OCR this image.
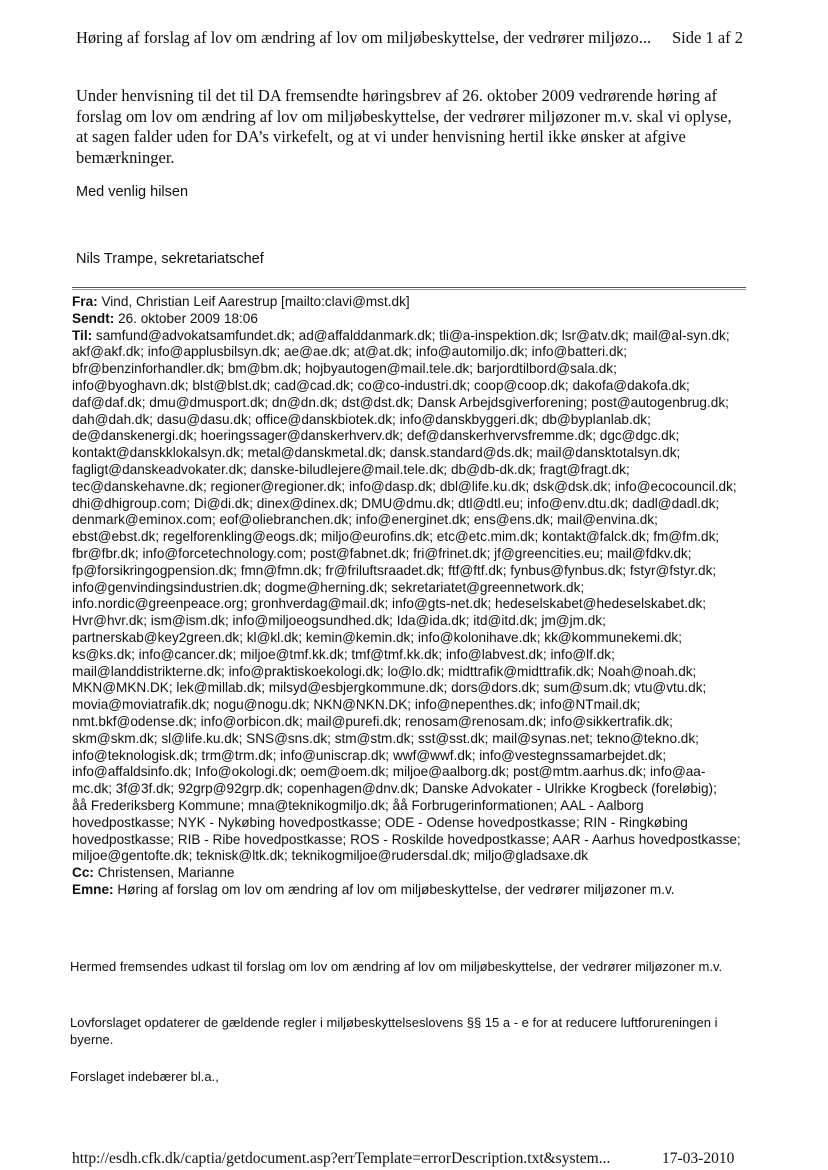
Høring af forslag af lov om ændring af lov om miljøbeskyttelse, der vedrører miljøzo... Side 1 af 2
Under henvisning til det til DA fremsendte høringsbrev af 26. oktober 2009 vedrørende høring af
forslag om lov om ændring af lov om miljøbeskyttelse, der vedrører miljøzoner m.v. skal vi oplyse,
at sagen falder uden for DA’s virkefelt, og at vi under henvisning hertil ikke ønsker at afgive
bemærkninger.
Med venlig hilsen
Nils Trampe, sekretariatschef
Fra: Vind, Christian Leif Aarestrup [mailto:clavi@mst.dk]
Sendt: 26. oktober 2009 18:06
Til: samfund@advokatsamfundet.dk; ad@affalddanmark.dk; tli@a-inspektion.dk; lsr@atv.dk; mail@al-syn.dk;
akf@akf.dk; info@applusbilsyn.dk; ae@ae.dk; at@at.dk; info@automiljo.dk; info@batteri.dk;
bfr@benzinforhandler.dk; bm@bm.dk; hojbyautogen@mail.tele.dk; barjordtilbord@sala.dk;
info@byoghavn.dk; blst@blst.dk; cad@cad.dk; co@co-industri.dk; coop@coop.dk; dakofa@dakofa.dk;
daf@daf.dk; dmu@dmusport.dk; dn@dn.dk; dst@dst.dk; Dansk Arbejdsgiverforening; post@autogenbrug.dk;
dah@dah.dk; dasu@dasu.dk; office@danskbiotek.dk; info@danskbyggeri.dk; db@byplanlab.dk;
de@danskenergi.dk; hoeringssager@danskerhverv.dk; def@danskerhvervsfremme.dk; dgc@dgc.dk;
kontakt@danskklokalsyn.dk; metal@danskmetal.dk; dansk.standard@ds.dk; mail@dansktotalsyn.dk;
fagligt@danskeadvokater.dk; danske-biludlejere@mail.tele.dk; db@db-dk.dk; fragt@fragt.dk;
tec@danskehavne.dk; regioner@regioner.dk; info@dasp.dk; dbl@life.ku.dk; dsk@dsk.dk; info@ecocouncil.dk;
dhi@dhigroup.com; Di@di.dk; dinex@dinex.dk; DMU@dmu.dk; dtl@dtl.eu; info@env.dtu.dk; dadl@dadl.dk;
denmark@eminox.com; eof@oliebranchen.dk; info@energinet.dk; ens@ens.dk; mail@envina.dk;
ebst@ebst.dk; regelforenkling@eogs.dk; miljo@eurofins.dk; etc@etc.mim.dk; kontakt@falck.dk; fm@fm.dk;
fbr@fbr.dk; info@forcetechnology.com; post@fabnet.dk; fri@frinet.dk; jf@greencities.eu; mail@fdkv.dk;
fp@forsikringogpension.dk; fmn@fmn.dk; fr@friluftsraadet.dk; ftf@ftf.dk; fynbus@fynbus.dk; fstyr@fstyr.dk;
info@genvindingsindustrien.dk; dogme@herning.dk; sekretariatet@greennetwork.dk;
info.nordic@greenpeace.org; gronhverdag@mail.dk; info@gts-net.dk; hedeselskabet@hedeselskabet.dk;
Hvr@hvr.dk; ism@ism.dk; info@miljoeogsundhed.dk; Ida@ida.dk; itd@itd.dk; jm@jm.dk;
partnerskab@key2green.dk; kl@kl.dk; kemin@kemin.dk; info@kolonihave.dk; kk@kommunekemi.dk;
ks@ks.dk; info@cancer.dk; miljoe@tmf.kk.dk; tmf@tmf.kk.dk; info@labvest.dk; info@lf.dk;
mail@landdistrikterne.dk; info@praktiskoekologi.dk; lo@lo.dk; midttrafik@midttrafik.dk; Noah@noah.dk;
MKN@MKN.DK; lek@millab.dk; milsyd@esbjergkommune.dk; dors@dors.dk; sum@sum.dk; vtu@vtu.dk;
movia@moviatrafik.dk; nogu@nogu.dk; NKN@NKN.DK; info@nepenthes.dk; info@NTmail.dk;
nmt.bkf@odense.dk; info@orbicon.dk; mail@purefi.dk; renosam@renosam.dk; info@sikkertrafik.dk;
skm@skm.dk; sl@life.ku.dk; SNS@sns.dk; stm@stm.dk; sst@sst.dk; mail@synas.net; tekno@tekno.dk;
info@teknologisk.dk; trm@trm.dk; info@uniscrap.dk; wwf@wwf.dk; info@vestegnssamarbejdet.dk;
info@affaldsinfo.dk; Info@okologi.dk; oem@oem.dk; miljoe@aalborg.dk; post@mtm.aarhus.dk; info@aa-
mc.dk; 3f@3f.dk; 92grp@92grp.dk; copenhagen@dnv.dk; Danske Advokater - Ulrikke Krogbeck (foreløbig);
åå Frederiksberg Kommune; mna@teknikogmiljo.dk; åå Forbrugerinformationen; AAL - Aalborg
hovedpostkasse; NYK - Nykøbing hovedpostkasse; ODE - Odense hovedpostkasse; RIN - Ringkøbing
hovedpostkasse; RIB - Ribe hovedpostkasse; ROS - Roskilde hovedpostkasse; AAR - Aarhus hovedpostkasse;
miljoe@gentofte.dk; teknisk@ltk.dk; teknikogmiljoe@rudersdal.dk; miljo@gladsaxe.dk
Cc: Christensen, Marianne
Emne: Høring af forslag om lov om ændring af lov om miljøbeskyttelse, der vedrører miljøzoner m.v.
Hermed fremsendes udkast til forslag om lov om ændring af lov om miljøbeskyttelse, der vedrører miljøzoner m.v.
Lovforslaget opdaterer de gældende regler i miljøbeskyttelseslovens §§ 15 a - e for at reducere luftforureningen i byerne.
Forslaget indebærer bl.a.,
http://esdh.cfk.dk/captia/getdocument.asp?errTemplate=errorDescription.txt&system...	17-03-2010
